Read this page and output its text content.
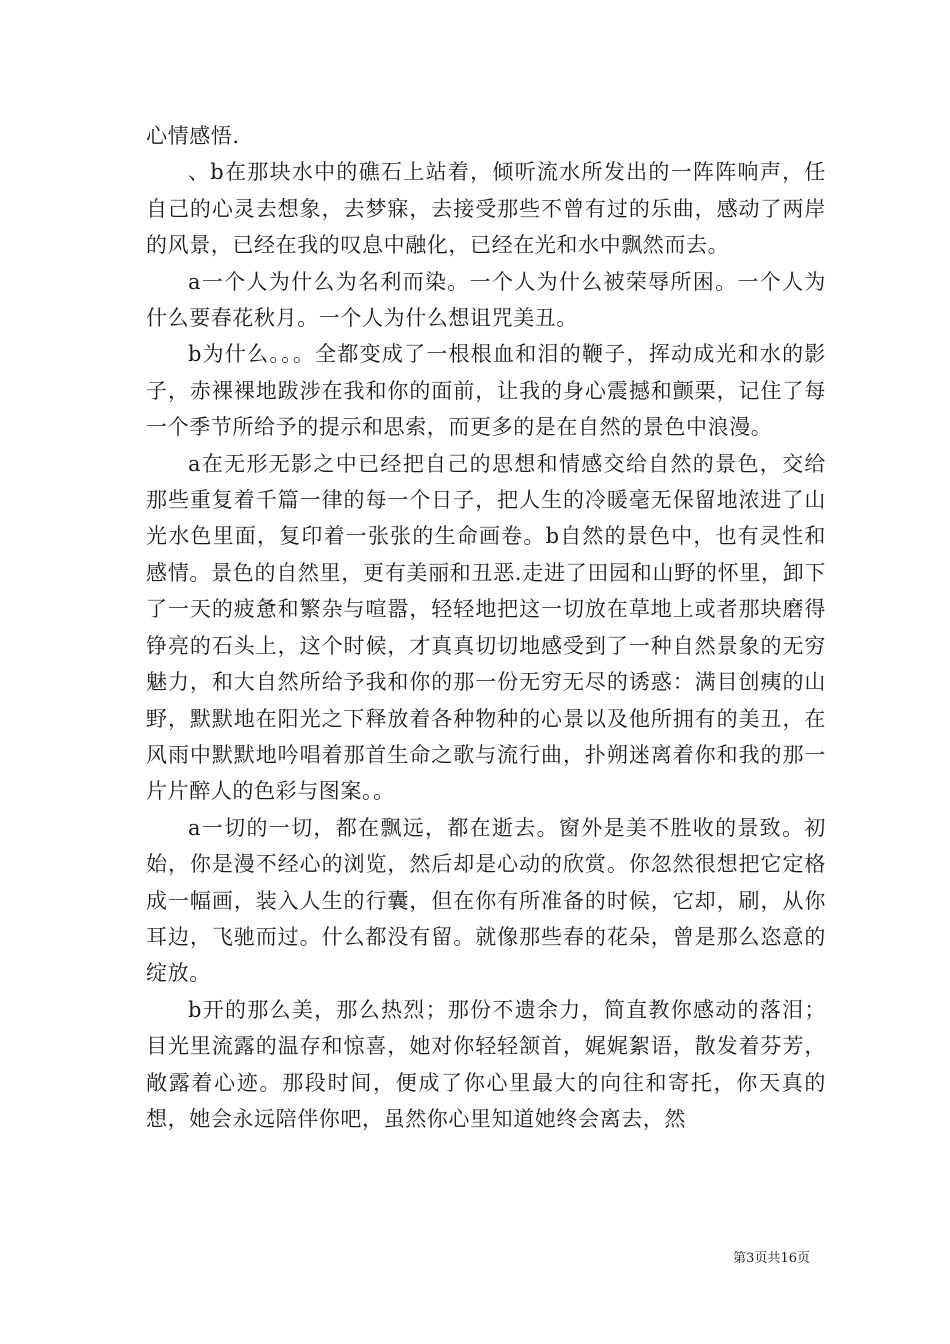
心情感悟.

、b在那块水中的礁石上站着，倾听流水所发出的一阵阵响声，任自己的心灵去想象，去梦寐，去接受那些不曾有过的乐曲，感动了两岸的风景，已经在我的叹息中融化，已经在光和水中飘然而去。

a一个人为什么为名利而染。一个人为什么被荣辱所困。一个人为什么要春花秋月。一个人为什么想诅咒美丑。

b为什么。。。全都变成了一根根血和泪的鞭子，挥动成光和水的影子，赤裸裸地跋涉在我和你的面前，让我的身心震撼和颤栗，记住了每一个季节所给予的提示和思索，而更多的是在自然的景色中浪漫。

a在无形无影之中已经把自己的思想和情感交给自然的景色，交给那些重复着千篇一律的每一个日子，把人生的冷暖毫无保留地浓进了山光水色里面，复印着一张张的生命画卷。b自然的景色中，也有灵性和感情。景色的自然里，更有美丽和丑恶.走进了田园和山野的怀里，卸下了一天的疲惫和繁杂与喧嚣，轻轻地把这一切放在草地上或者那块磨得铮亮的石头上，这个时候，才真真切切地感受到了一种自然景象的无穷魅力，和大自然所给予我和你的那一份无穷无尽的诱惑：满目创痍的山野，默默地在阳光之下释放着各种物种的心景以及他所拥有的美丑，在风雨中默默地吟唱着那首生命之歌与流行曲，扑朔迷离着你和我的那一片片醉人的色彩与图案。。

a一切的一切，都在飘远，都在逝去。窗外是美不胜收的景致。初始，你是漫不经心的浏览，然后却是心动的欣赏。你忽然很想把它定格成一幅画，装入人生的行囊，但在你有所准备的时候，它却，刷，从你耳边，飞驰而过。什么都没有留。就像那些春的花朵，曾是那么恣意的绽放。

b开的那么美，那么热烈；那份不遗余力，简直教你感动的落泪；目光里流露的温存和惊喜，她对你轻轻颔首，娓娓絮语，散发着芬芳，敞露着心迹。那段时间，便成了你心里最大的向往和寄托，你天真的想，她会永远陪伴你吧，虽然你心里知道她终会离去，然

第3页共16页
